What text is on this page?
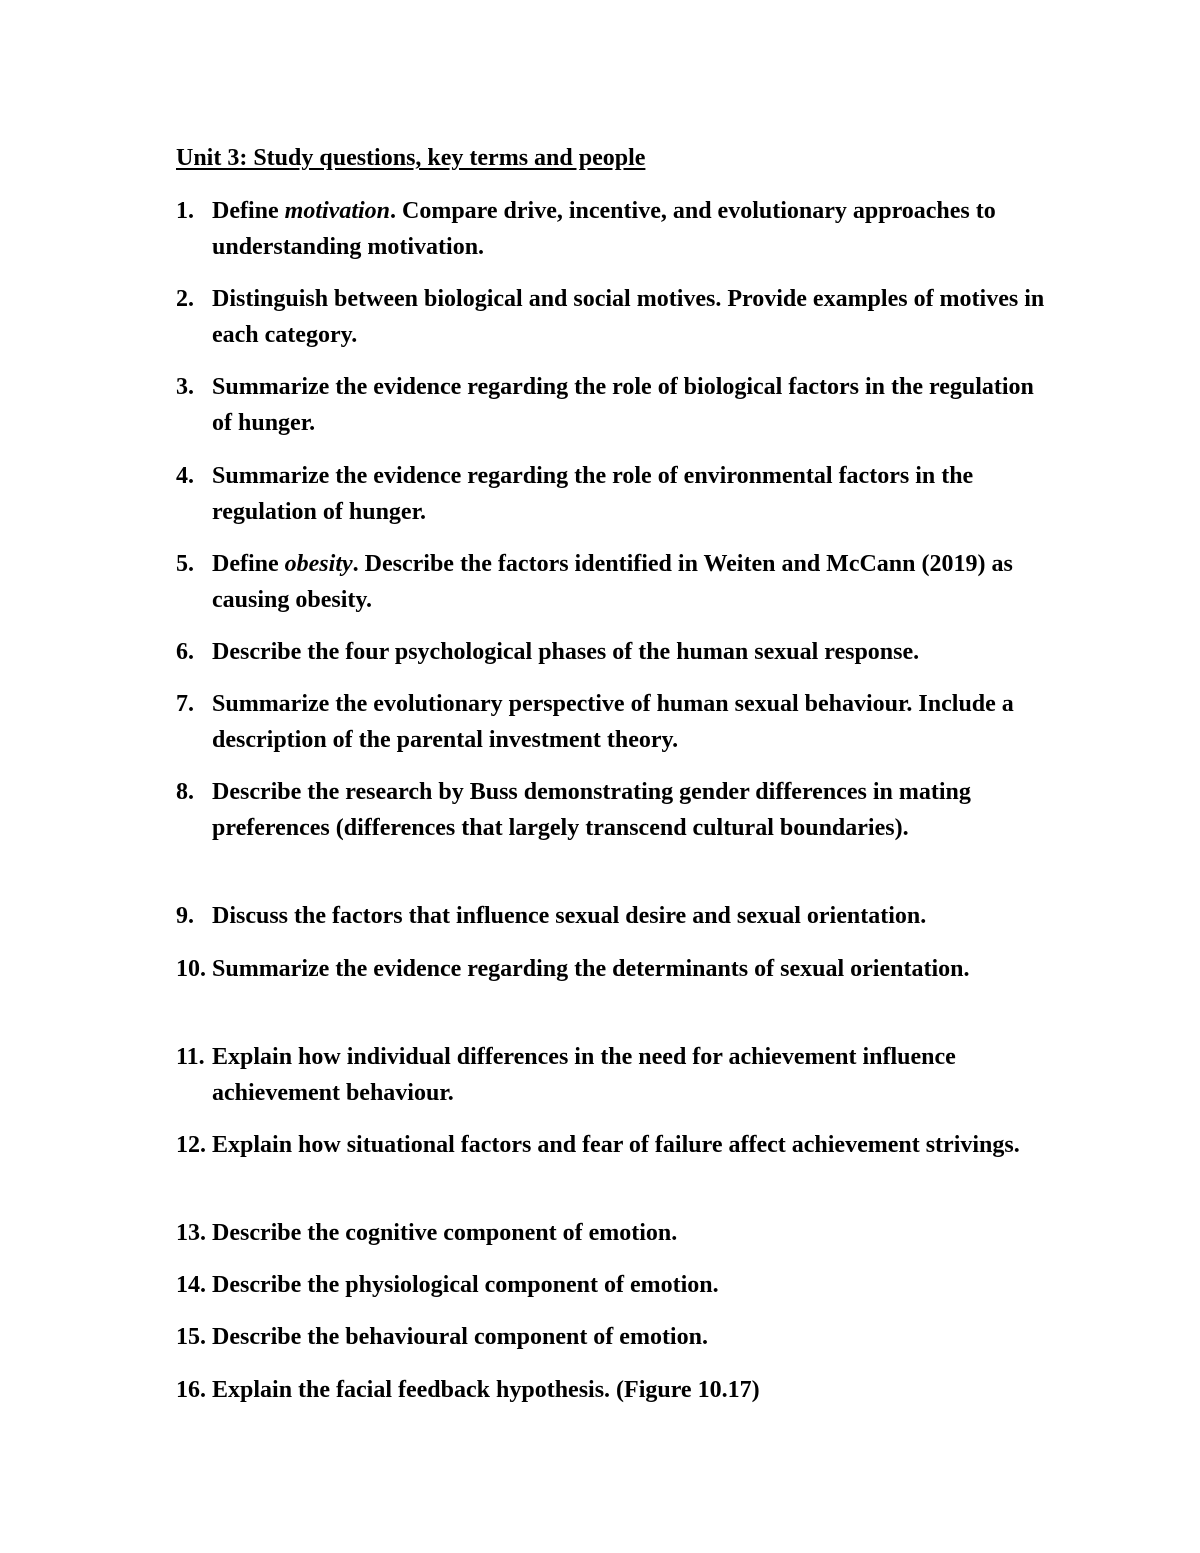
Unit 3: Study questions, key terms and people
1. Define motivation. Compare drive, incentive, and evolutionary approaches to understanding motivation.
2. Distinguish between biological and social motives. Provide examples of motives in each category.
3. Summarize the evidence regarding the role of biological factors in the regulation of hunger.
4. Summarize the evidence regarding the role of environmental factors in the regulation of hunger.
5. Define obesity. Describe the factors identified in Weiten and McCann (2019) as causing obesity.
6. Describe the four psychological phases of the human sexual response.
7. Summarize the evolutionary perspective of human sexual behaviour. Include a description of the parental investment theory.
8. Describe the research by Buss demonstrating gender differences in mating preferences (differences that largely transcend cultural boundaries).
9. Discuss the factors that influence sexual desire and sexual orientation.
10. Summarize the evidence regarding the determinants of sexual orientation.
11. Explain how individual differences in the need for achievement influence achievement behaviour.
12. Explain how situational factors and fear of failure affect achievement strivings.
13. Describe the cognitive component of emotion.
14. Describe the physiological component of emotion.
15. Describe the behavioural component of emotion.
16. Explain the facial feedback hypothesis. (Figure 10.17)
